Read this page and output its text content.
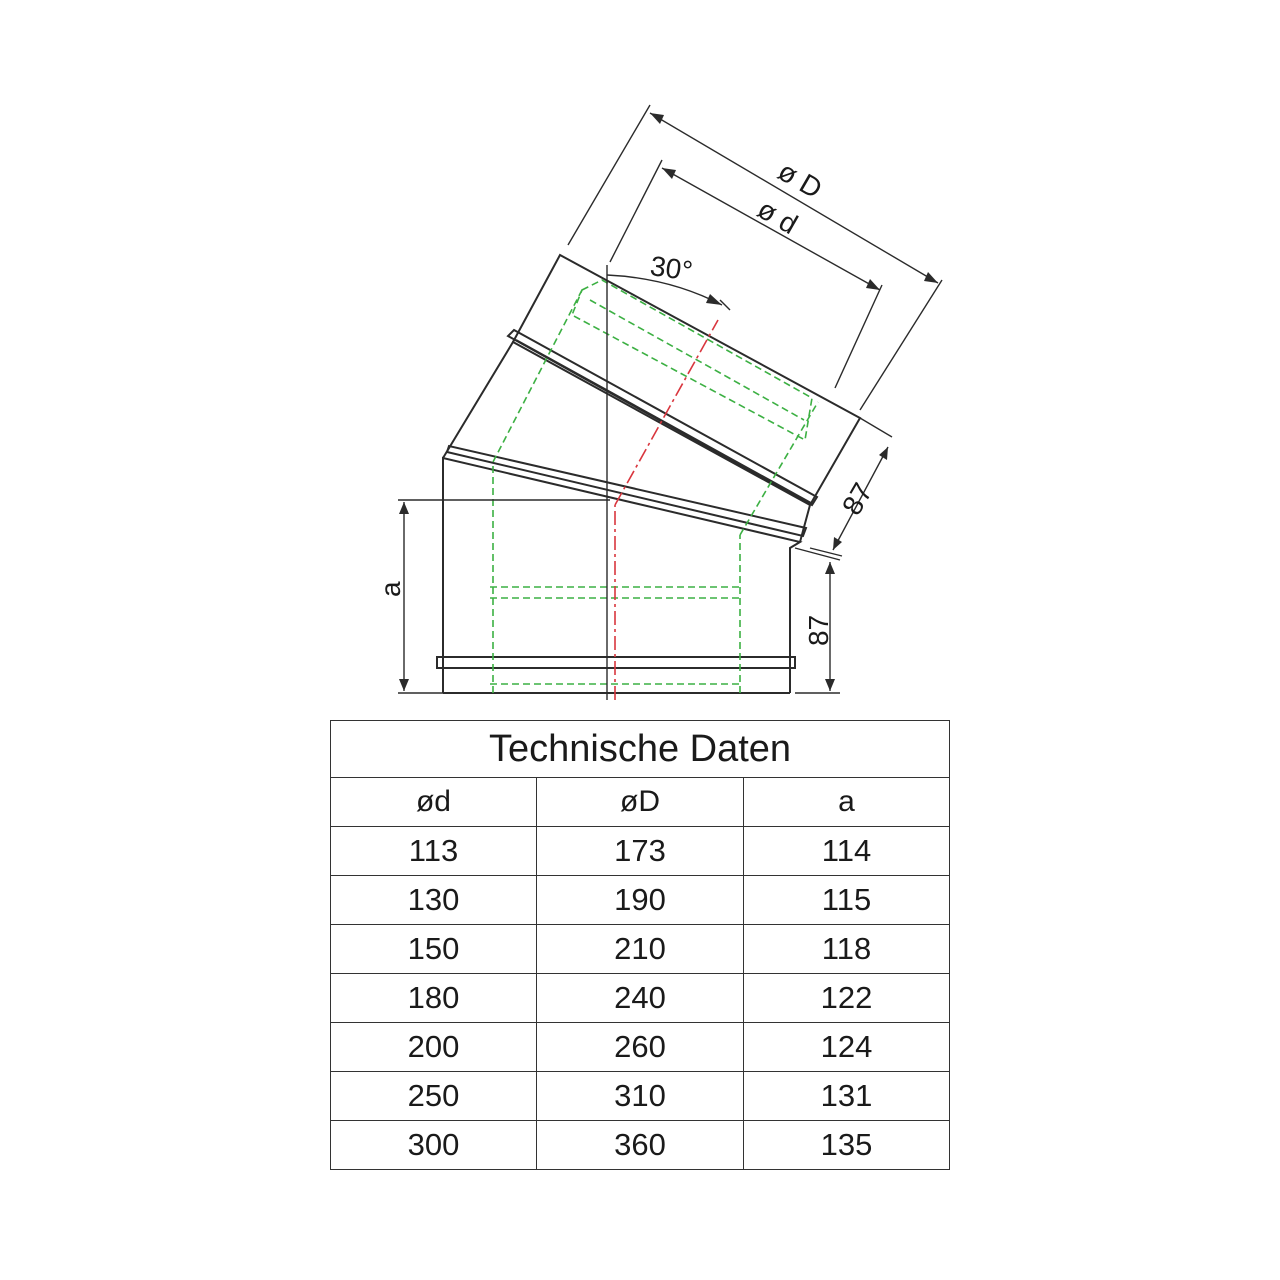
ø D
ø d
30°
87
87
a
Technische Daten		
ød	øD	a
113	173	114
130	190	115
150	210	118
180	240	122
200	260	124
250	310	131
300	360	135
